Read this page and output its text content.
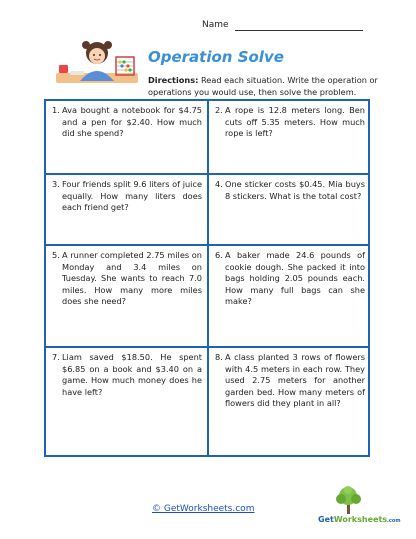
Name
Operation Solve
Directions: Read each situation. Write the operation or operations you would use, then solve the problem.
1. Ava bought a notebook for $4.75 and a pen for $2.40. How much did she spend?
2. A rope is 12.8 meters long. Ben cuts off 5.35 meters. How much rope is left?
3. Four friends split 9.6 liters of juice equally. How many liters does each friend get?
4. One sticker costs $0.45. Mia buys 8 stickers. What is the total cost?
5. A runner completed 2.75 miles on Monday and 3.4 miles on Tuesday. She wants to reach 7.0 miles. How many more miles does she need?
6. A baker made 24.6 pounds of cookie dough. She packed it into bags holding 2.05 pounds each. How many full bags can she make?
7. Liam saved $18.50. He spent $6.85 on a book and $3.40 on a game. How much money does he have left?
8. A class planted 3 rows of flowers with 4.5 meters in each row. They used 2.75 meters for another garden bed. How many meters of flowers did they plant in all?
© GetWorksheets.com
GetWorksheets.com
